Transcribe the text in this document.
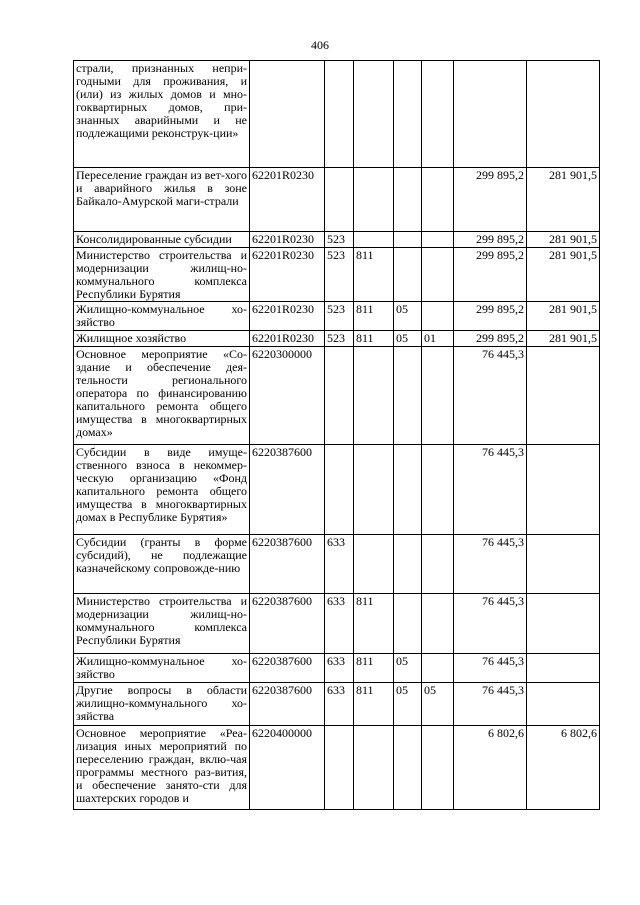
406
страли, признанных непри-годными для проживания, и (или) из жилых домов и мно-гоквартирных домов, при-знанных аварийными и не подлежащими реконструк-ции»							
Переселение граждан из вет-хого и аварийного жилья в зоне Байкало-Амурской маги-страли	62201R0230					299 895,2	281 901,5
Консолидированные субсидии	62201R0230	523				299 895,2	281 901,5
Министерство строительства и модернизации жилищ-но-коммунального комплекса Республики Бурятия	62201R0230	523	811			299 895,2	281 901,5
Жилищно-коммунальное хо-зяйство	62201R0230	523	811	05		299 895,2	281 901,5
Жилищное хозяйство	62201R0230	523	811	05	01	299 895,2	281 901,5
Основное мероприятие «Со-здание и обеспечение дея-тельности регионального оператора по финансированию капитального ремонта общего имущества в многоквартирных домах»	6220300000					76 445,3	
Субсидии в виде имуще-ственного взноса в некоммер-ческую организацию «Фонд капитального ремонта общего имущества в многоквартирных домах в Республике Бурятия»	6220387600					76 445,3	
Субсидии (гранты в форме субсидий), не подлежащие казначейскому сопровожде-нию	6220387600	633				76 445,3	
Министерство строительства и модернизации жилищ-но-коммунального комплекса Республики Бурятия	6220387600	633	811			76 445,3	
Жилищно-коммунальное хо-зяйство	6220387600	633	811	05		76 445,3	
Другие вопросы в области жилищно-коммунального хо-зяйства	6220387600	633	811	05	05	76 445,3	
Основное мероприятие «Реа-лизация иных мероприятий по переселению граждан, вклю-чая программы местного раз-вития, и обеспечение занято-сти для шахтерских городов и	6220400000					6 802,6	6 802,6
